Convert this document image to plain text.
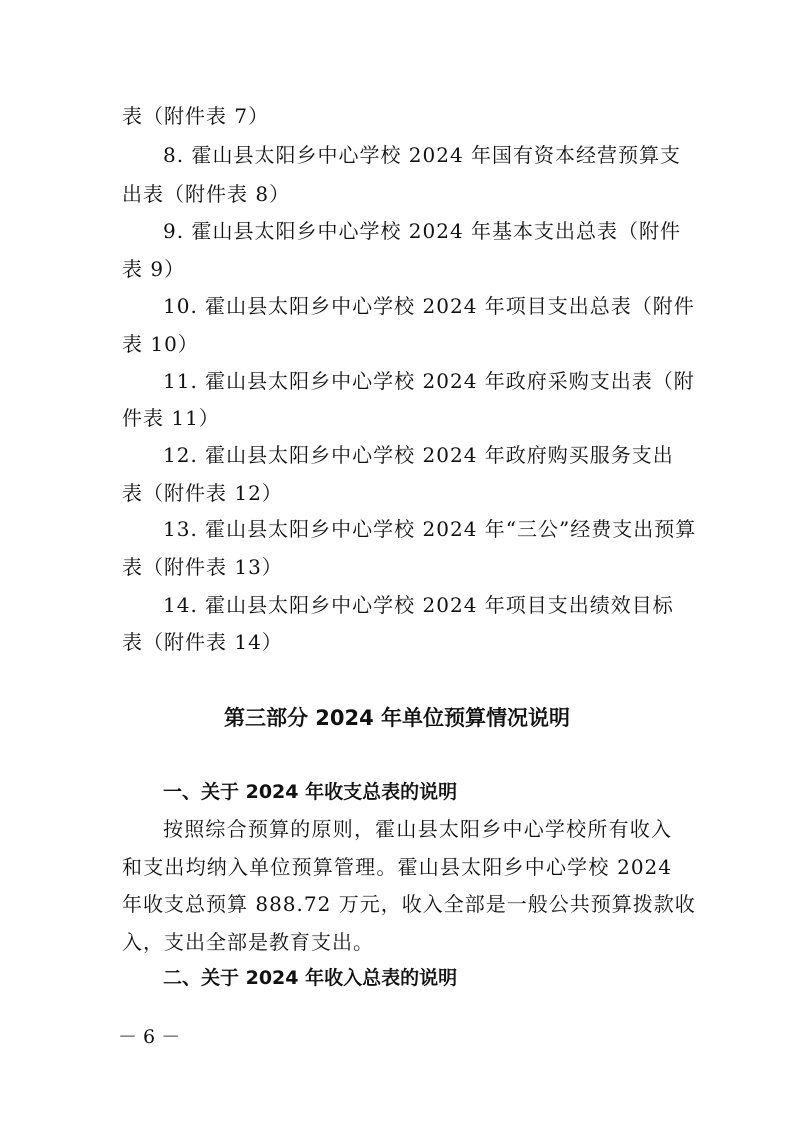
表（附件表 7）
8. 霍山县太阳乡中心学校 2024 年国有资本经营预算支
出表（附件表 8）
9. 霍山县太阳乡中心学校 2024 年基本支出总表（附件
表 9）
10. 霍山县太阳乡中心学校 2024 年项目支出总表（附件
表 10）
11. 霍山县太阳乡中心学校 2024 年政府采购支出表（附
件表 11）
12. 霍山县太阳乡中心学校 2024 年政府购买服务支出
表（附件表 12）
13. 霍山县太阳乡中心学校 2024 年“三公”经费支出预算
表（附件表 13）
14. 霍山县太阳乡中心学校 2024 年项目支出绩效目标
表（附件表 14）
第三部分 2024 年单位预算情况说明
一、关于 2024 年收支总表的说明
按照综合预算的原则，霍山县太阳乡中心学校所有收入
和支出均纳入单位预算管理。霍山县太阳乡中心学校 2024
年收支总预算 888.72 万元，收入全部是一般公共预算拨款收
入，支出全部是教育支出。
二、关于 2024 年收入总表的说明
－ 6 －
